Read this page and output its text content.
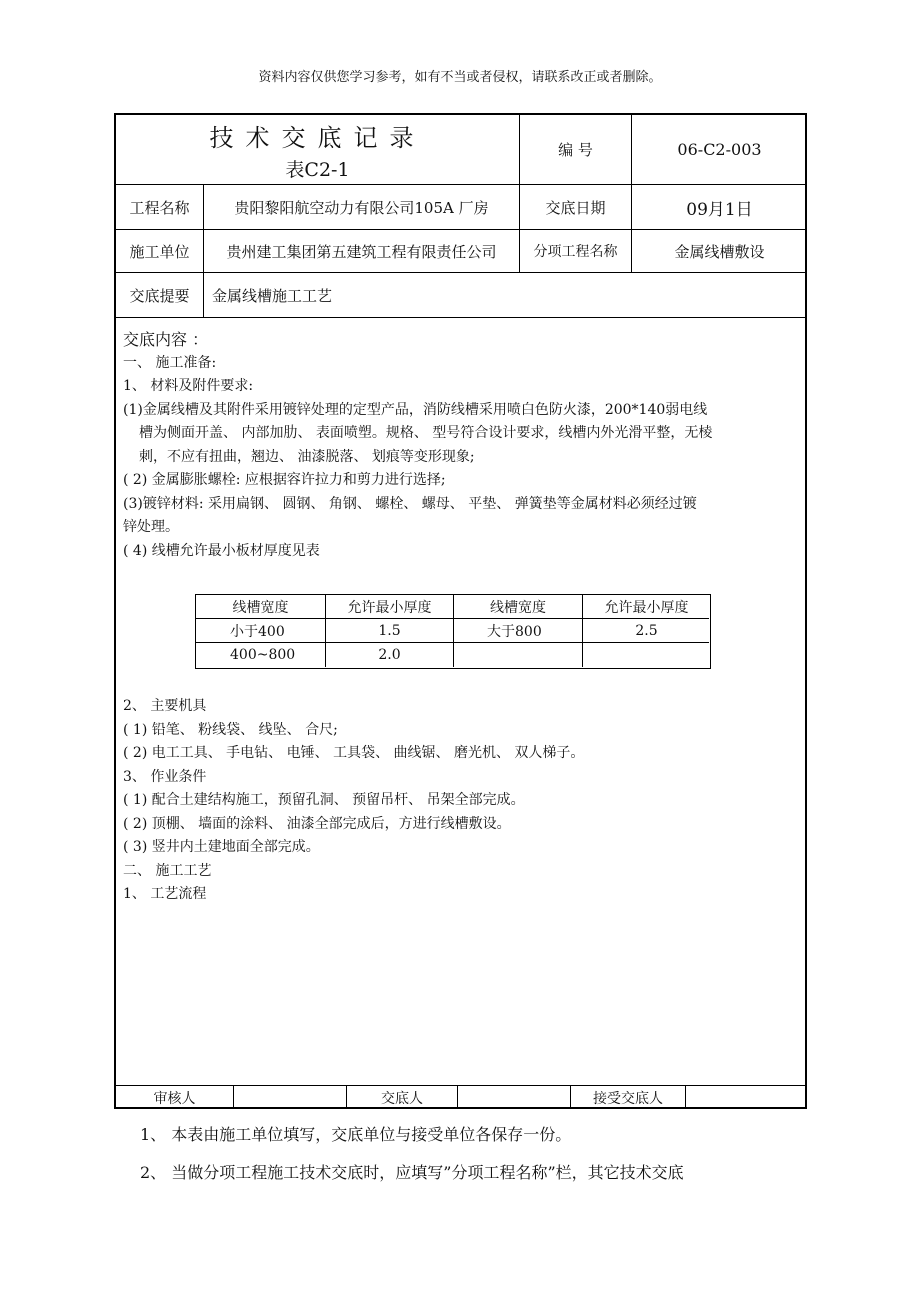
资料内容仅供您学习参考，如有不当或者侵权，请联系改正或者删除。
技术交底记录
表C2-1
编 号	06-C2-003
工程名称	贵阳黎阳航空动力有限公司105A 厂房	交底日期	09月1日
施工单位	贵州建工集团第五建筑工程有限责任公司	分项工程名称	金属线槽敷设
交底提要	金属线槽施工工艺
审核人	交底人	接受交底人

交底内容 ：

一、 施工准备:

1、 材料及附件要求:

(1)金属线槽及其附件采用镀锌处理的定型产品，消防线槽采用喷白色防火漆，200*140弱电线

槽为侧面开盖、 内部加肋、 表面喷塑。规格、 型号符合设计要求，线槽内外光滑平整，无棱

刺，不应有扭曲，翘边、 油漆脱落、 划痕等变形现象;

( 2) 金属膨胀螺栓: 应根据容许拉力和剪力进行选择;

(3)镀锌材料: 采用扁钢、 圆钢、 角钢、 螺栓、 螺母、 平垫、 弹簧垫等金属材料必须经过镀

锌处理。

( 4) 线槽允许最小板材厚度见表

线槽宽度	允许最小厚度	线槽宽度	允许最小厚度
小于400	1.5	大于800	2.5
400~800	2.0

2、 主要机具

( 1) 铅笔、 粉线袋、 线坠、 合尺;

( 2) 电工工具、 手电钻、 电锤、 工具袋、 曲线锯、 磨光机、 双人梯子。

3、 作业条件

( 1) 配合土建结构施工，预留孔洞、 预留吊杆、 吊架全部完成。

( 2) 顶棚、 墙面的涂料、 油漆全部完成后，方进行线槽敷设。

( 3) 竖井内土建地面全部完成。

二、 施工工艺

1、 工艺流程

1、 本表由施工单位填写，交底单位与接受单位各保存一份。
2、 当做分项工程施工技术交底时，应填写”分项工程名称”栏，其它技术交底
